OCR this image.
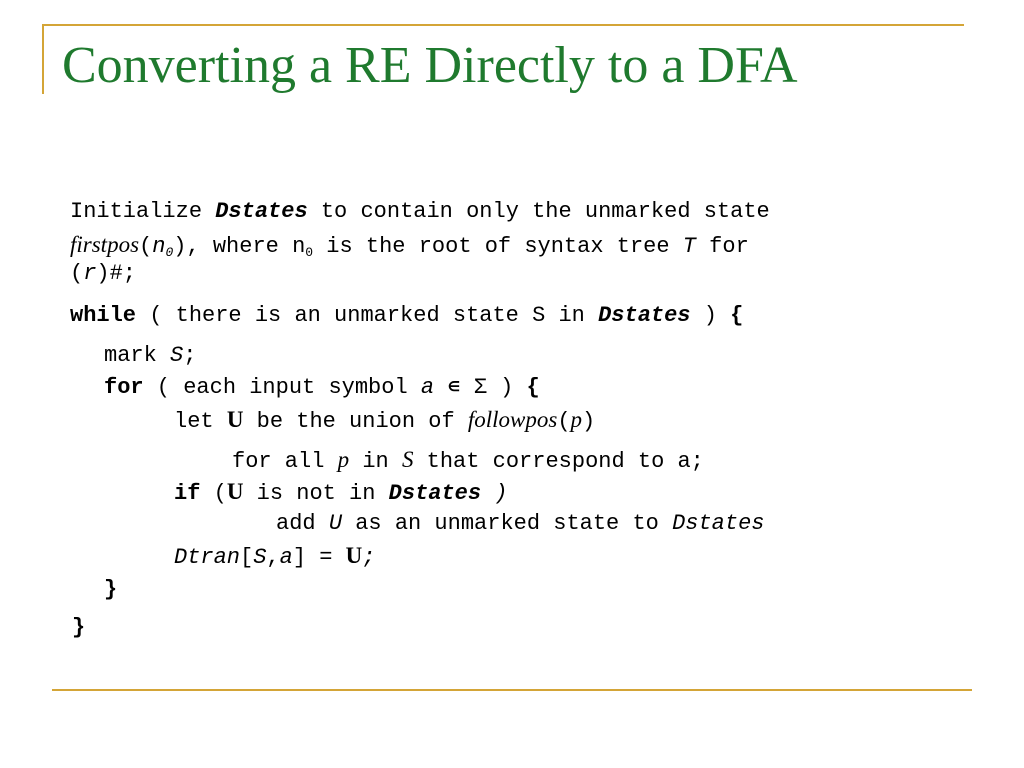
Converting a RE Directly to a DFA
Initialize Dstates to contain only the unmarked state
$firstpos(n_0)$, where $n_0$ is the root of syntax tree T for
(r)#;
while ( there is an unmarked state S in Dstates ) {
mark S;
for ( each input symbol a ∊ Σ ) {
let U be the union of followpos(p)
for all p in S that correspond to a;
if (U is not in Dstates )
add U as an unmarked state to Dstates
Dtran[S,a] = U;
}
}
